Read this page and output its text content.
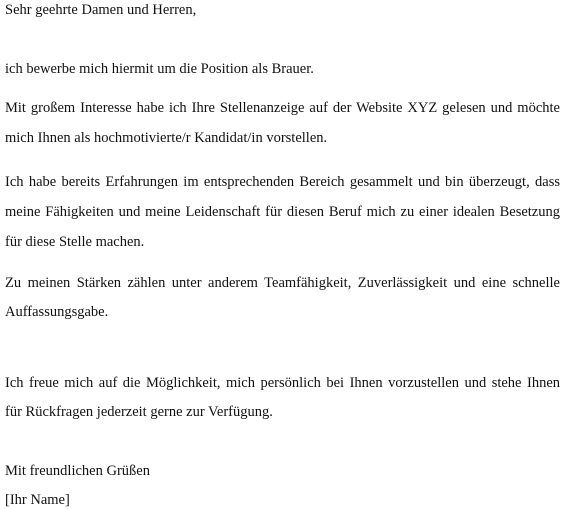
Sehr geehrte Damen und Herren,
ich bewerbe mich hiermit um die Position als Brauer.
Mit großem Interesse habe ich Ihre Stellenanzeige auf der Website XYZ gelesen und möchte
mich Ihnen als hochmotivierte/r Kandidat/in vorstellen.
Ich habe bereits Erfahrungen im entsprechenden Bereich gesammelt und bin überzeugt, dass
meine Fähigkeiten und meine Leidenschaft für diesen Beruf mich zu einer idealen Besetzung
für diese Stelle machen.
Zu meinen Stärken zählen unter anderem Teamfähigkeit, Zuverlässigkeit und eine schnelle
Auffassungsgabe.
Ich freue mich auf die Möglichkeit, mich persönlich bei Ihnen vorzustellen und stehe Ihnen
für Rückfragen jederzeit gerne zur Verfügung.
Mit freundlichen Grüßen
[Ihr Name]
